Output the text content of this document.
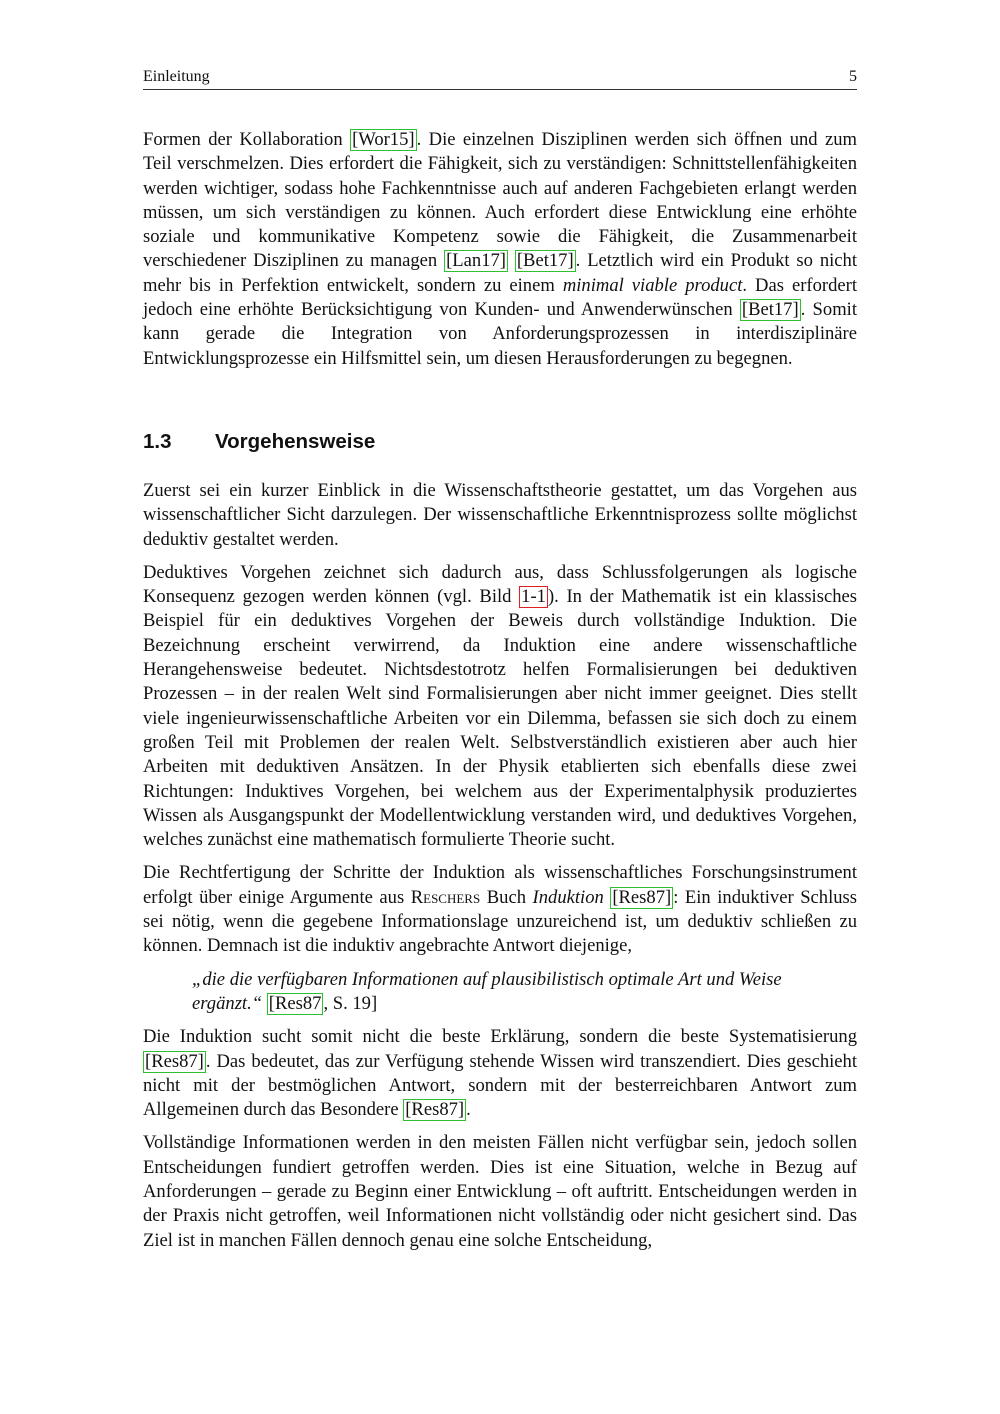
Einleitung	5

Formen der Kollaboration [Wor15] . Die einzelnen Disziplinen werden sich öffnen und zum Teil verschmelzen. Dies erfordert die Fähigkeit, sich zu verständigen: Schnittstellenfähigkeiten werden wichtiger, sodass hohe Fachkenntnisse auch auf anderen Fachgebieten erlangt werden müssen, um sich verständigen zu können. Auch erfordert diese Entwicklung eine erhöhte soziale und kommunikative Kompetenz sowie die Fähigkeit, die Zusammenarbeit verschiedener Disziplinen zu managen [Lan17] [Bet17] . Letztlich wird ein Produkt so nicht mehr bis in Perfektion entwickelt, sondern zu einem minimal viable product. Das erfordert jedoch eine erhöhte Berücksichtigung von Kunden- und Anwenderwünschen [Bet17] . Somit kann gerade die Integration von Anforderungsprozessen in interdisziplinäre Entwicklungsprozesse ein Hilfsmittel sein, um diesen Herausforderungen zu begegnen.

1.3 Vorgehensweise

Zuerst sei ein kurzer Einblick in die Wissenschaftstheorie gestattet, um das Vorgehen aus wissenschaftlicher Sicht darzulegen. Der wissenschaftliche Erkenntnisprozess sollte möglichst deduktiv gestaltet werden.

Deduktives Vorgehen zeichnet sich dadurch aus, dass Schlussfolgerungen als logische Konsequenz gezogen werden können (vgl. Bild 1-1 ). In der Mathematik ist ein klassisches Beispiel für ein deduktives Vorgehen der Beweis durch vollständige Induktion. Die Bezeichnung erscheint verwirrend, da Induktion eine andere wissenschaftliche Herangehensweise bedeutet. Nichtsdestotrotz helfen Formalisierungen bei deduktiven Prozessen – in der realen Welt sind Formalisierungen aber nicht immer geeignet. Dies stellt viele ingenieurwissenschaftliche Arbeiten vor ein Dilemma, befassen sie sich doch zu einem großen Teil mit Problemen der realen Welt. Selbstverständlich existieren aber auch hier Arbeiten mit deduktiven Ansätzen. In der Physik etablierten sich ebenfalls diese zwei Richtungen: Induktives Vorgehen, bei welchem aus der Experimentalphysik produziertes Wissen als Ausgangspunkt der Modellentwicklung verstanden wird, und deduktives Vorgehen, welches zunächst eine mathematisch formulierte Theorie sucht.

Die Rechtfertigung der Schritte der Induktion als wissenschaftliches Forschungsinstrument erfolgt über einige Argumente aus Reschers Buch Induktion [Res87] : Ein induktiver Schluss sei nötig, wenn die gegebene Informationslage unzureichend ist, um deduktiv schließen zu können. Demnach ist die induktiv angebrachte Antwort diejenige,

„die die verfügbaren Informationen auf plausibilistisch optimale Art und Weise ergänzt.“ [Res87 , S. 19]

Die Induktion sucht somit nicht die beste Erklärung, sondern die beste Systematisierung [Res87] . Das bedeutet, das zur Verfügung stehende Wissen wird transzendiert. Dies geschieht nicht mit der bestmöglichen Antwort, sondern mit der besterreichbaren Antwort zum Allgemeinen durch das Besondere [Res87] .

Vollständige Informationen werden in den meisten Fällen nicht verfügbar sein, jedoch sollen Entscheidungen fundiert getroffen werden. Dies ist eine Situation, welche in Bezug auf Anforderungen – gerade zu Beginn einer Entwicklung – oft auftritt. Entscheidungen werden in der Praxis nicht getroffen, weil Informationen nicht vollständig oder nicht gesichert sind. Das Ziel ist in manchen Fällen dennoch genau eine solche Entscheidung,
